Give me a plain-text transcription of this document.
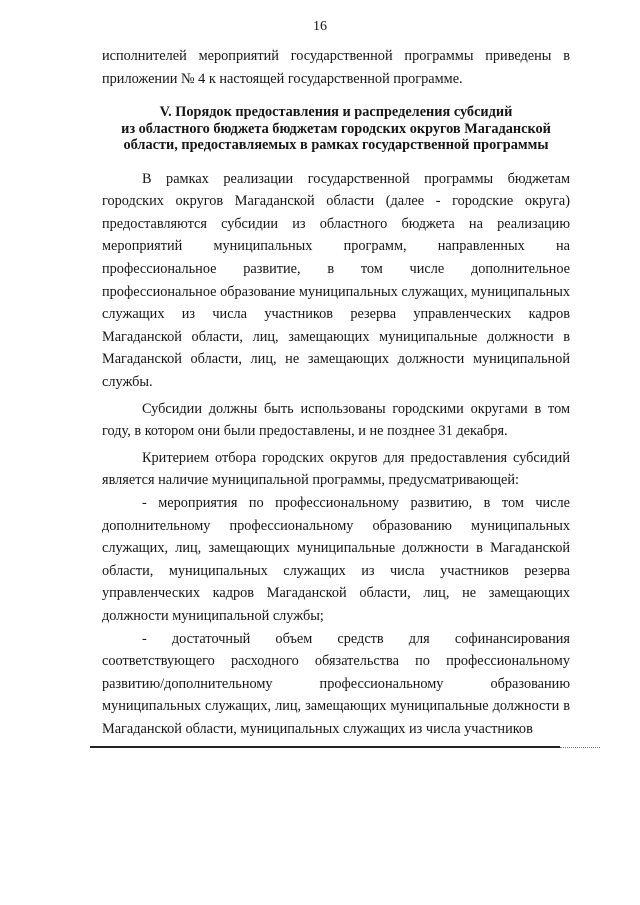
16

исполнителей мероприятий государственной программы приведены в приложении № 4 к настоящей государственной программе.

V. Порядок предоставления и распределения субсидий
из областного бюджета бюджетам городских округов Магаданской
области, предоставляемых в рамках государственной программы

В рамках реализации государственной программы бюджетам городских округов Магаданской области (далее - городские округа) предоставляются субсидии из областного бюджета на реализацию мероприятий муниципальных программ, направленных на профессиональное развитие, в том числе дополнительное профессиональное образование муниципальных служащих, муниципальных служащих из числа участников резерва управленческих кадров Магаданской области, лиц, замещающих муниципальные должности в Магаданской области, лиц, не замещающих должности муниципальной службы.

Субсидии должны быть использованы городскими округами в том году, в котором они были предоставлены, и не позднее 31 декабря.

Критерием отбора городских округов для предоставления субсидий является наличие муниципальной программы, предусматривающей:

- мероприятия по профессиональному развитию, в том числе дополнительному профессиональному образованию муниципальных служащих, лиц, замещающих муниципальные должности в Магаданской области, муниципальных служащих из числа участников резерва управленческих кадров Магаданской области, лиц, не замещающих должности муниципальной службы;

- достаточный объем средств для софинансирования соответствующего расходного обязательства по профессиональному развитию/дополнительному профессиональному образованию муниципальных служащих, лиц, замещающих муниципальные должности в Магаданской области, муниципальных служащих из числа участников
